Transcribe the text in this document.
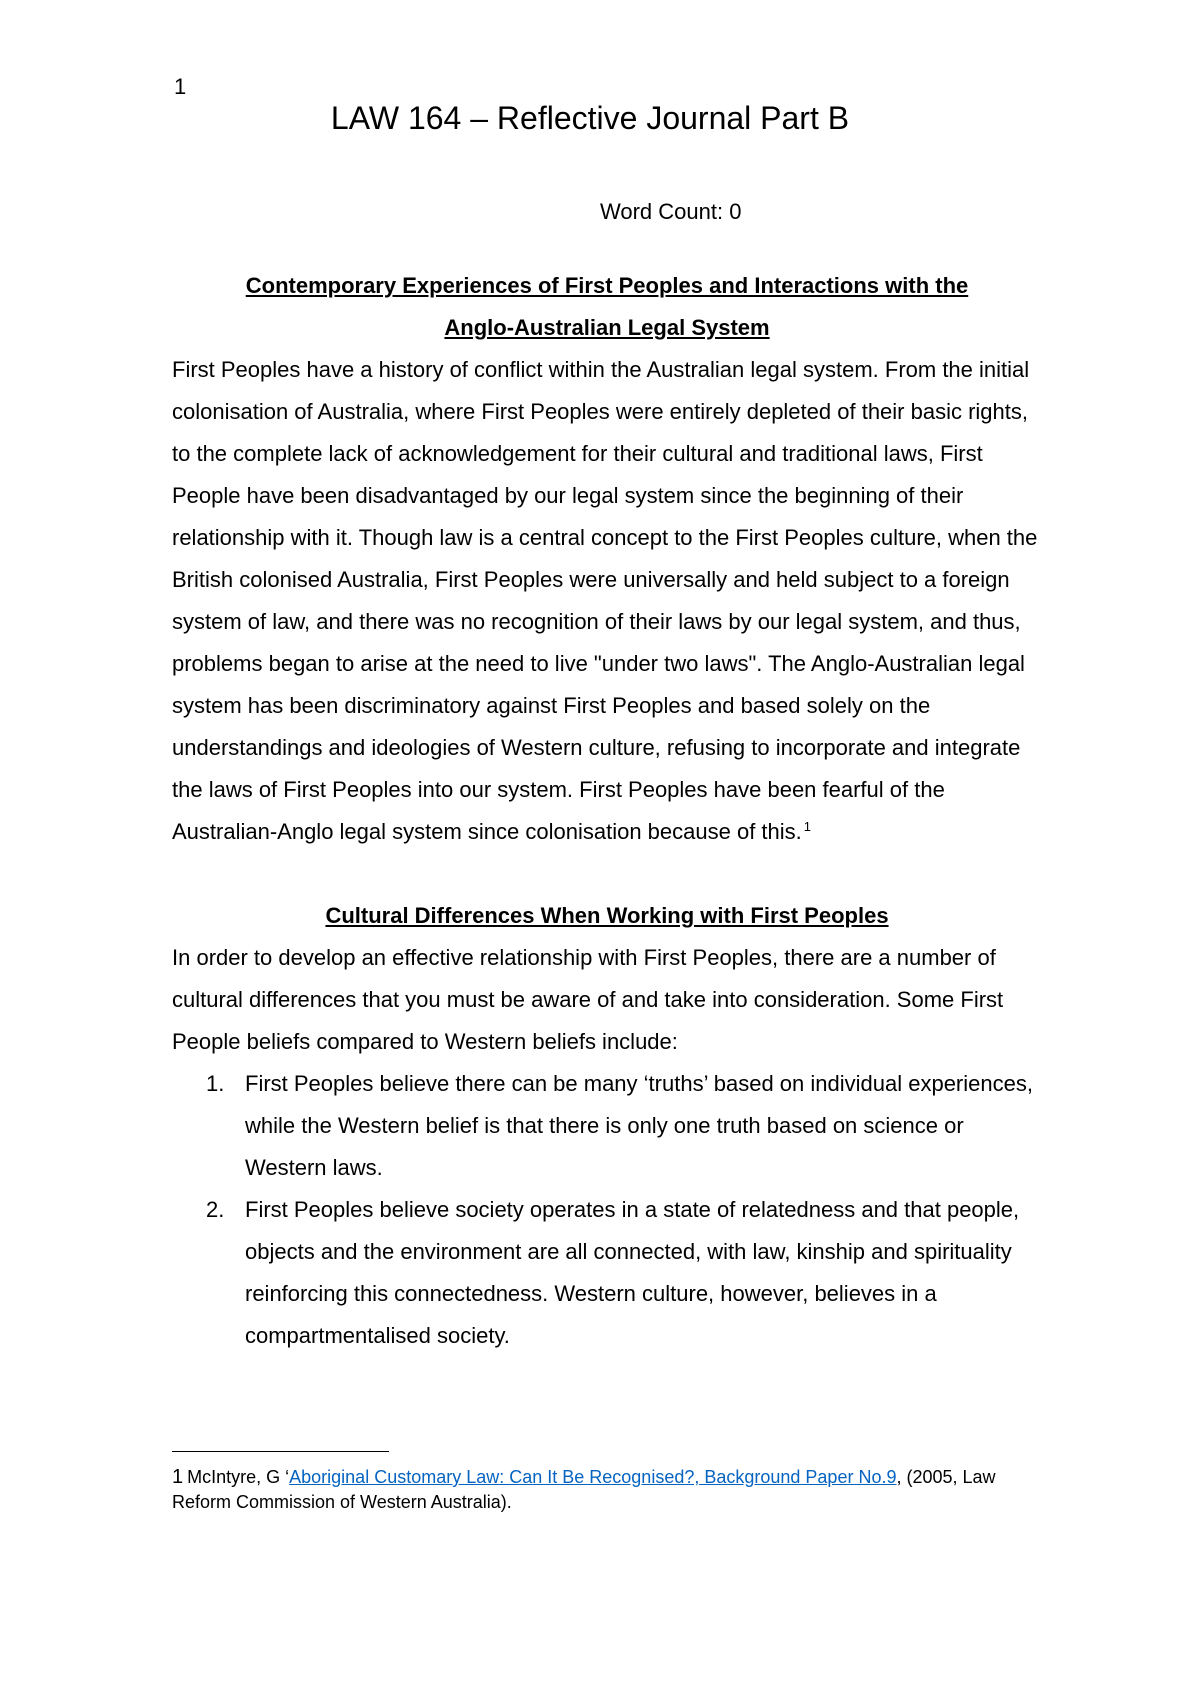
1
LAW 164 – Reflective Journal Part B
Word Count: 0
Contemporary Experiences of First Peoples and Interactions with the
Anglo-Australian Legal System

First Peoples have a history of conflict within the Australian legal system. From the initial colonisation of Australia, where First Peoples were entirely depleted of their basic rights, to the complete lack of acknowledgement for their cultural and traditional laws, First People have been disadvantaged by our legal system since the beginning of their relationship with it. Though law is a central concept to the First Peoples culture, when the British colonised Australia, First Peoples were universally and held subject to a foreign system of law, and there was no recognition of their laws by our legal system, and thus, problems began to arise at the need to live "under two laws". The Anglo-Australian legal system has been discriminatory against First Peoples and based solely on the understandings and ideologies of Western culture, refusing to incorporate and integrate the laws of First Peoples into our system. First Peoples have been fearful of the Australian-Anglo legal system since colonisation because of this. $^1$

Cultural Differences When Working with First Peoples

In order to develop an effective relationship with First Peoples, there are a number of cultural differences that you must be aware of and take into consideration. Some First People beliefs compared to Western beliefs include:

1. First Peoples believe there can be many ‘truths’ based on individual experiences, while the Western belief is that there is only one truth based on science or Western laws.
2. First Peoples believe society operates in a state of relatedness and that people, objects and the environment are all connected, with law, kinship and spirituality reinforcing this connectedness. Western culture, however, believes in a compartmentalised society.
1 McIntyre, G ‘Aboriginal Customary Law: Can It Be Recognised?, Background Paper No.9, (2005, Law Reform Commission of Western Australia).
